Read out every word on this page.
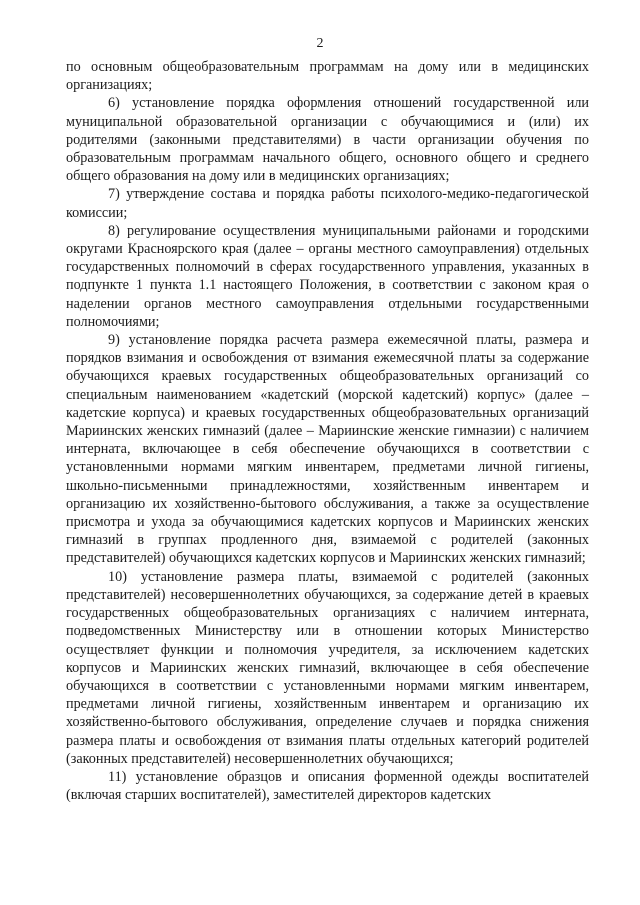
2

по основным общеобразовательным программам на дому или в медицинских организациях;

6) установление порядка оформления отношений государственной или муниципальной образовательной организации с обучающимися и (или) их родителями (законными представителями) в части организации обучения по образовательным программам начального общего, основного общего и среднего общего образования на дому или в медицинских организациях;

7) утверждение состава и порядка работы психолого-медико-педагогической комиссии;

8) регулирование осуществления муниципальными районами и городскими округами Красноярского края (далее – органы местного самоуправления) отдельных государственных полномочий в сферах государственного управления, указанных в подпункте 1 пункта 1.1 настоящего Положения, в соответствии с законом края о наделении органов местного самоуправления отдельными государственными полномочиями;

9) установление порядка расчета размера ежемесячной платы, размера и порядков взимания и освобождения от взимания ежемесячной платы за содержание обучающихся краевых государственных общеобразовательных организаций со специальным наименованием «кадетский (морской кадетский) корпус» (далее – кадетские корпуса) и краевых государственных общеобразовательных организаций Мариинских женских гимназий (далее – Мариинские женские гимназии) с наличием интерната, включающее в себя обеспечение обучающихся в соответствии с установленными нормами мягким инвентарем, предметами личной гигиены, школьно-письменными принадлежностями, хозяйственным инвентарем и организацию их хозяйственно-бытового обслуживания, а также за осуществление присмотра и ухода за обучающимися кадетских корпусов и Мариинских женских гимназий в группах продленного дня, взимаемой с родителей (законных представителей) обучающихся кадетских корпусов и Мариинских женских гимназий;

10) установление размера платы, взимаемой с родителей (законных представителей) несовершеннолетних обучающихся, за содержание детей в краевых государственных общеобразовательных организациях с наличием интерната, подведомственных Министерству или в отношении которых Министерство осуществляет функции и полномочия учредителя, за исключением кадетских корпусов и Мариинских женских гимназий, включающее в себя обеспечение обучающихся в соответствии с установленными нормами мягким инвентарем, предметами личной гигиены, хозяйственным инвентарем и организацию их хозяйственно-бытового обслуживания, определение случаев и порядка снижения размера платы и освобождения от взимания платы отдельных категорий родителей (законных представителей) несовершеннолетних обучающихся;

11) установление образцов и описания форменной одежды воспитателей (включая старших воспитателей), заместителей директоров кадетских
